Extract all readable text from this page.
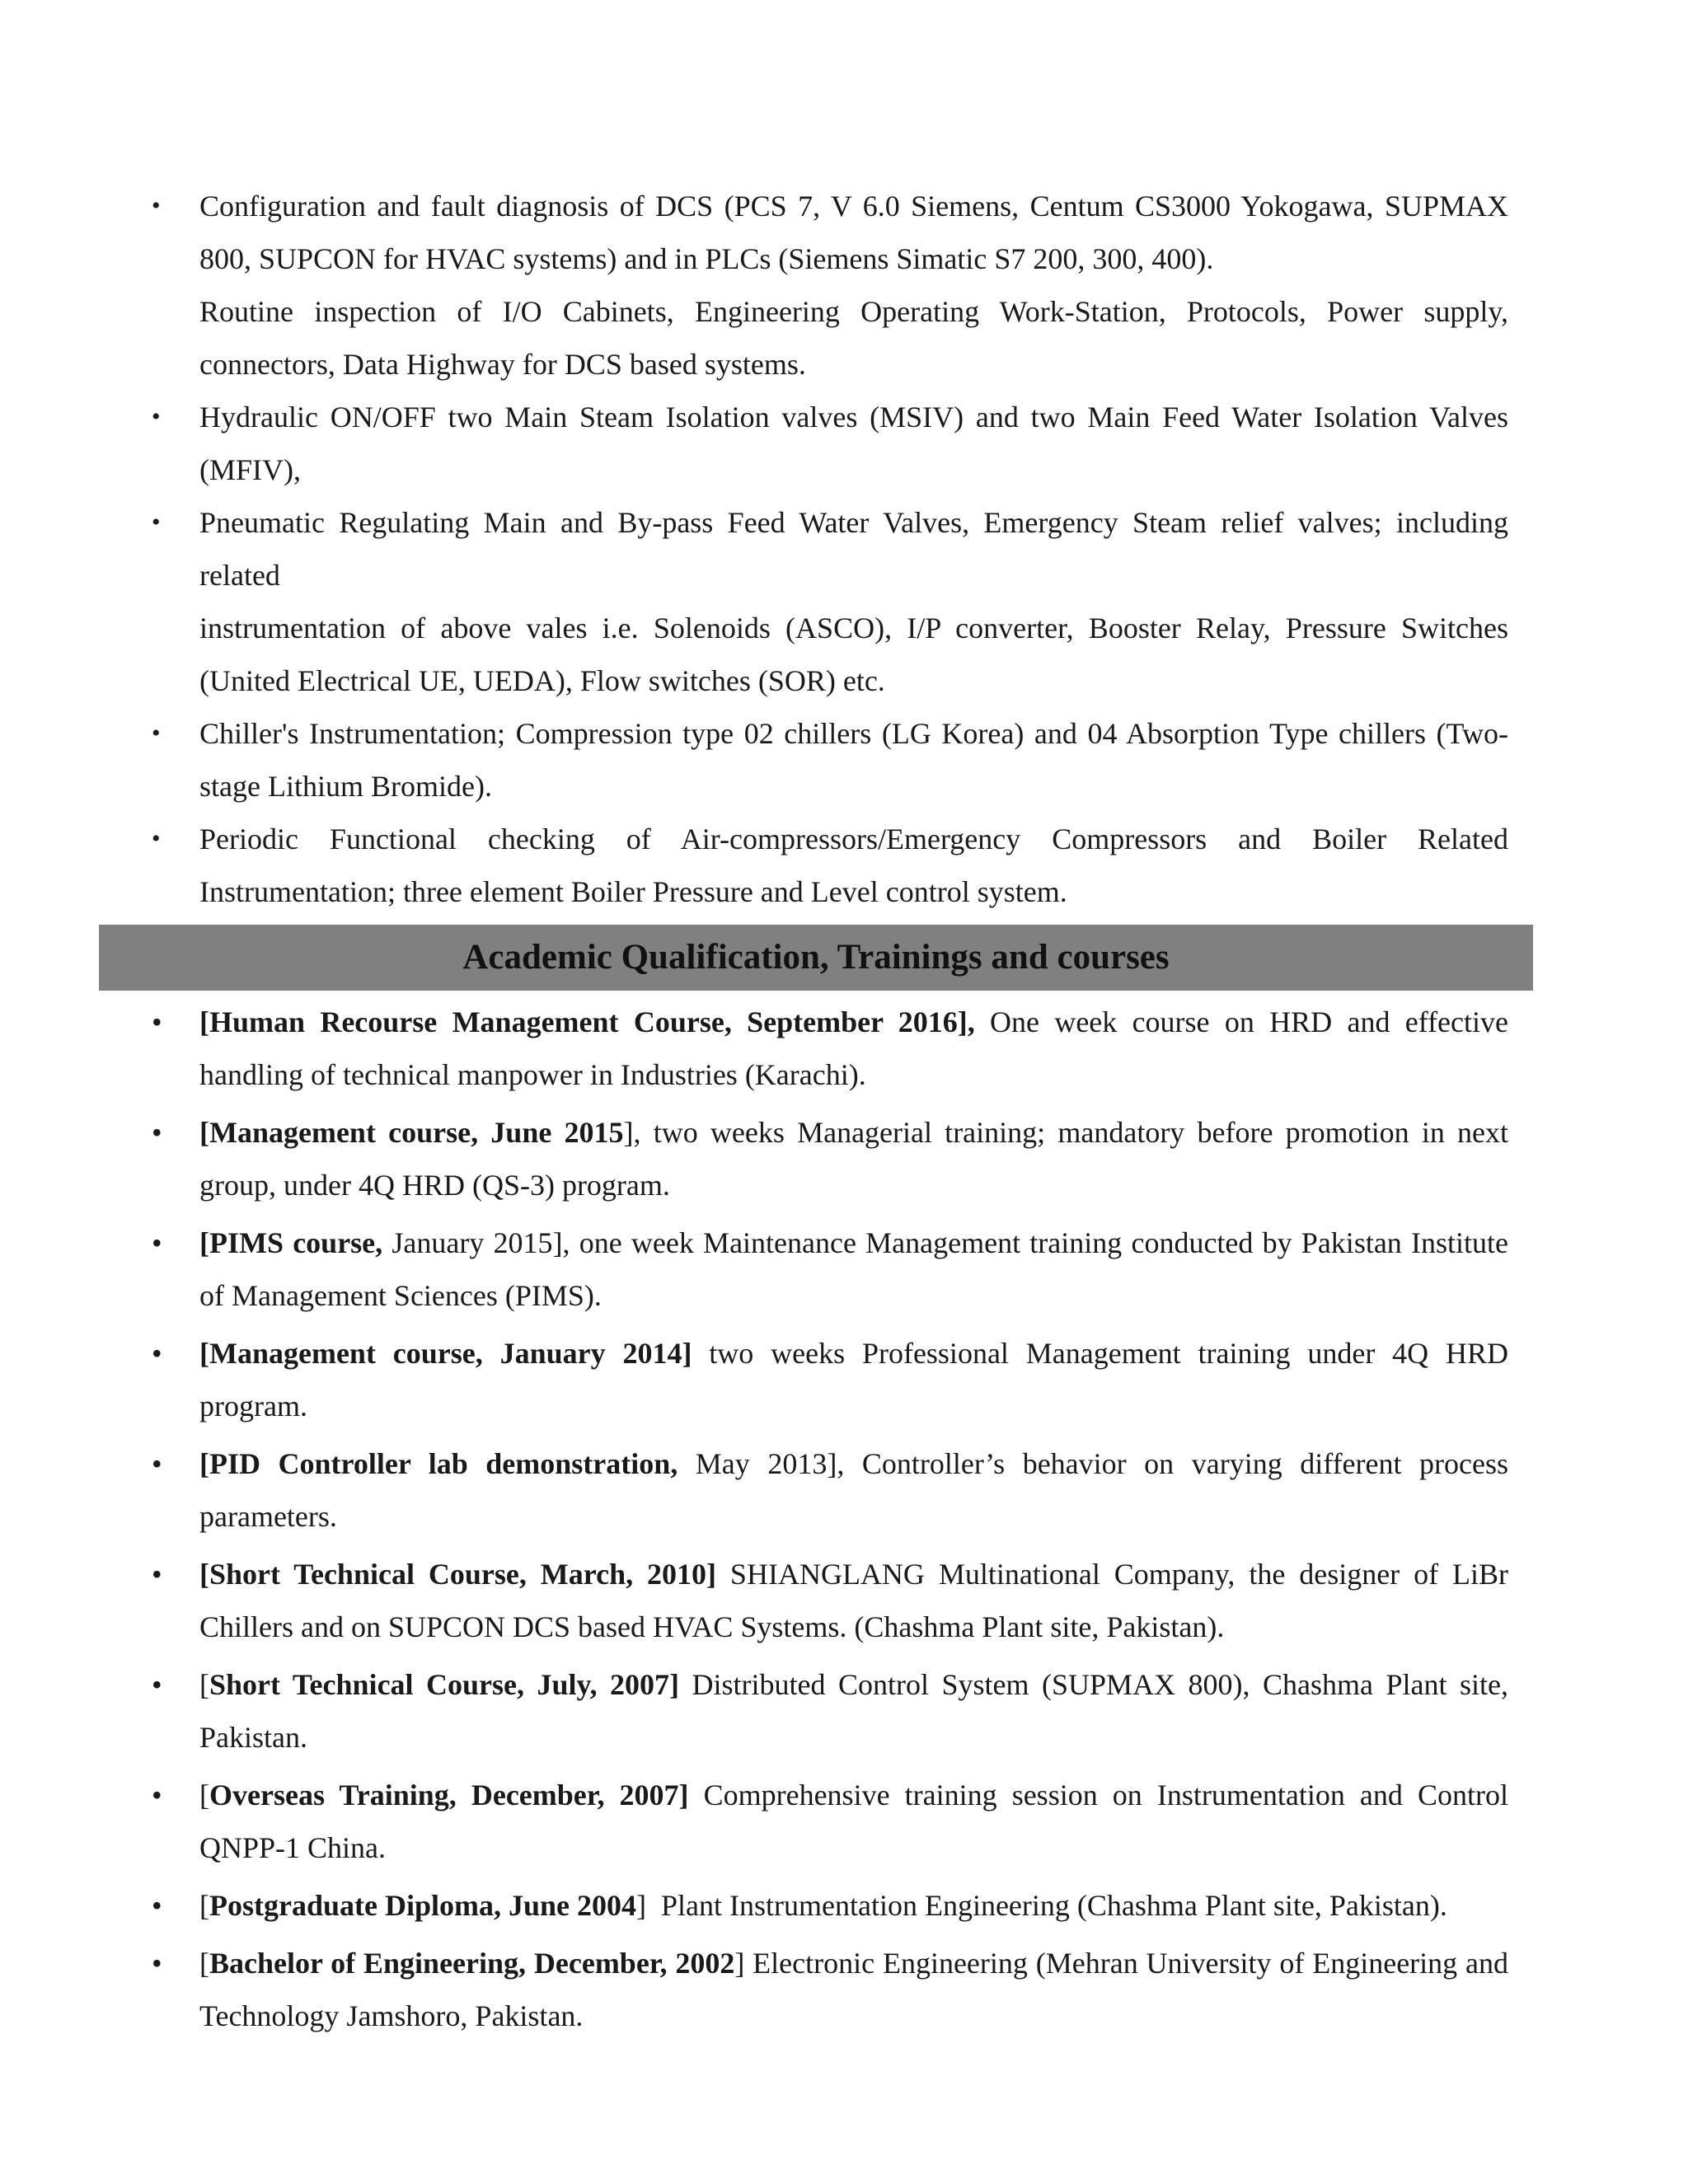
• Configuration and fault diagnosis of DCS (PCS 7, V 6.0 Siemens, Centum CS3000 Yokogawa, SUPMAX 800, SUPCON for HVAC systems) and in PLCs (Siemens Simatic S7 200, 300, 400).
Routine inspection of I/O Cabinets, Engineering Operating Work-Station, Protocols, Power supply, connectors, Data Highway for DCS based systems.
• Hydraulic ON/OFF two Main Steam Isolation valves (MSIV) and two Main Feed Water Isolation Valves (MFIV),
• Pneumatic Regulating Main and By-pass Feed Water Valves, Emergency Steam relief valves; including related
instrumentation of above vales i.e. Solenoids (ASCO), I/P converter, Booster Relay, Pressure Switches (United Electrical UE, UEDA), Flow switches (SOR) etc.
• Chiller's Instrumentation; Compression type 02 chillers (LG Korea) and 04 Absorption Type chillers (Two-stage Lithium Bromide).
• Periodic Functional checking of Air-compressors/Emergency Compressors and Boiler Related Instrumentation; three element Boiler Pressure and Level control system.
Academic Qualification, Trainings and courses
• [Human Recourse Management Course, September 2016], One week course on HRD and effective handling of technical manpower in Industries (Karachi).
• [Management course, June 2015], two weeks Managerial training; mandatory before promotion in next group, under 4Q HRD (QS-3) program.
• [PIMS course, January 2015], one week Maintenance Management training conducted by Pakistan Institute of Management Sciences (PIMS).
• [Management course, January 2014] two weeks Professional Management training under 4Q HRD program.
• [PID Controller lab demonstration, May 2013], Controller’s behavior on varying different process parameters.
• [Short Technical Course, March, 2010] SHIANGLANG Multinational Company, the designer of LiBr Chillers and on SUPCON DCS based HVAC Systems. (Chashma Plant site, Pakistan).
• [Short Technical Course, July, 2007] Distributed Control System (SUPMAX 800), Chashma Plant site, Pakistan.
• [Overseas Training, December, 2007] Comprehensive training session on Instrumentation and Control QNPP-1 China.
• [Postgraduate Diploma, June 2004]  Plant Instrumentation Engineering (Chashma Plant site, Pakistan).
• [Bachelor of Engineering, December, 2002] Electronic Engineering (Mehran University of Engineering and Technology Jamshoro, Pakistan.
